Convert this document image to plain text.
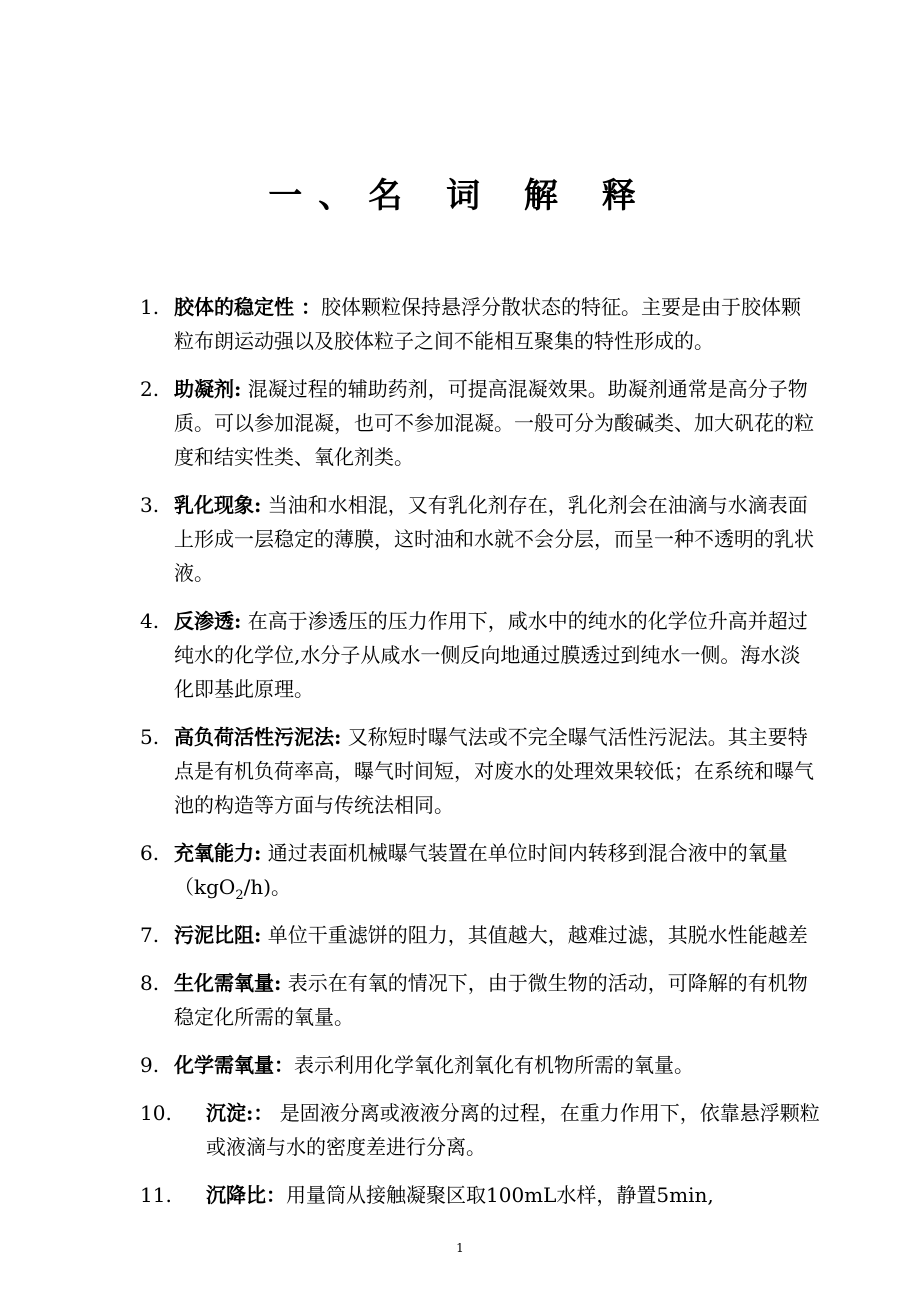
一、名 词 解 释
1. 胶体的稳定性 ：胶体颗粒保持悬浮分散状态的特征。主要是由于胶体颗粒布朗运动强以及胶体粒子之间不能相互聚集的特性形成的。
2. 助凝剂: 混凝过程的辅助药剂，可提高混凝效果。助凝剂通常是高分子物质。可以参加混凝，也可不参加混凝。一般可分为酸碱类、加大矾花的粒度和结实性类、氧化剂类。
3. 乳化现象: 当油和水相混，又有乳化剂存在，乳化剂会在油滴与水滴表面上形成一层稳定的薄膜，这时油和水就不会分层，而呈一种不透明的乳状液。
4. 反渗透: 在高于渗透压的压力作用下，咸水中的纯水的化学位升高并超过纯水的化学位,水分子从咸水一侧反向地通过膜透过到纯水一侧。海水淡化即基此原理。
5. 高负荷活性污泥法: 又称短时曝气法或不完全曝气活性污泥法。其主要特点是有机负荷率高，曝气时间短，对废水的处理效果较低；在系统和曝气池的构造等方面与传统法相同。
6. 充氧能力: 通过表面机械曝气装置在单位时间内转移到混合液中的氧量（kgO$_2$/h)。
7. 污泥比阻: 单位干重滤饼的阻力，其值越大，越难过滤，其脱水性能越差
8. 生化需氧量: 表示在有氧的情况下，由于微生物的活动，可降解的有机物稳定化所需的氧量。
9. 化学需氧量：表示利用化学氧化剂氧化有机物所需的氧量。
10.	沉淀:： 是固液分离或液液分离的过程，在重力作用下，依靠悬浮颗粒或液滴与水的密度差进行分离。
11.	沉降比：用量筒从接触凝聚区取100mL水样，静置5min,
1
